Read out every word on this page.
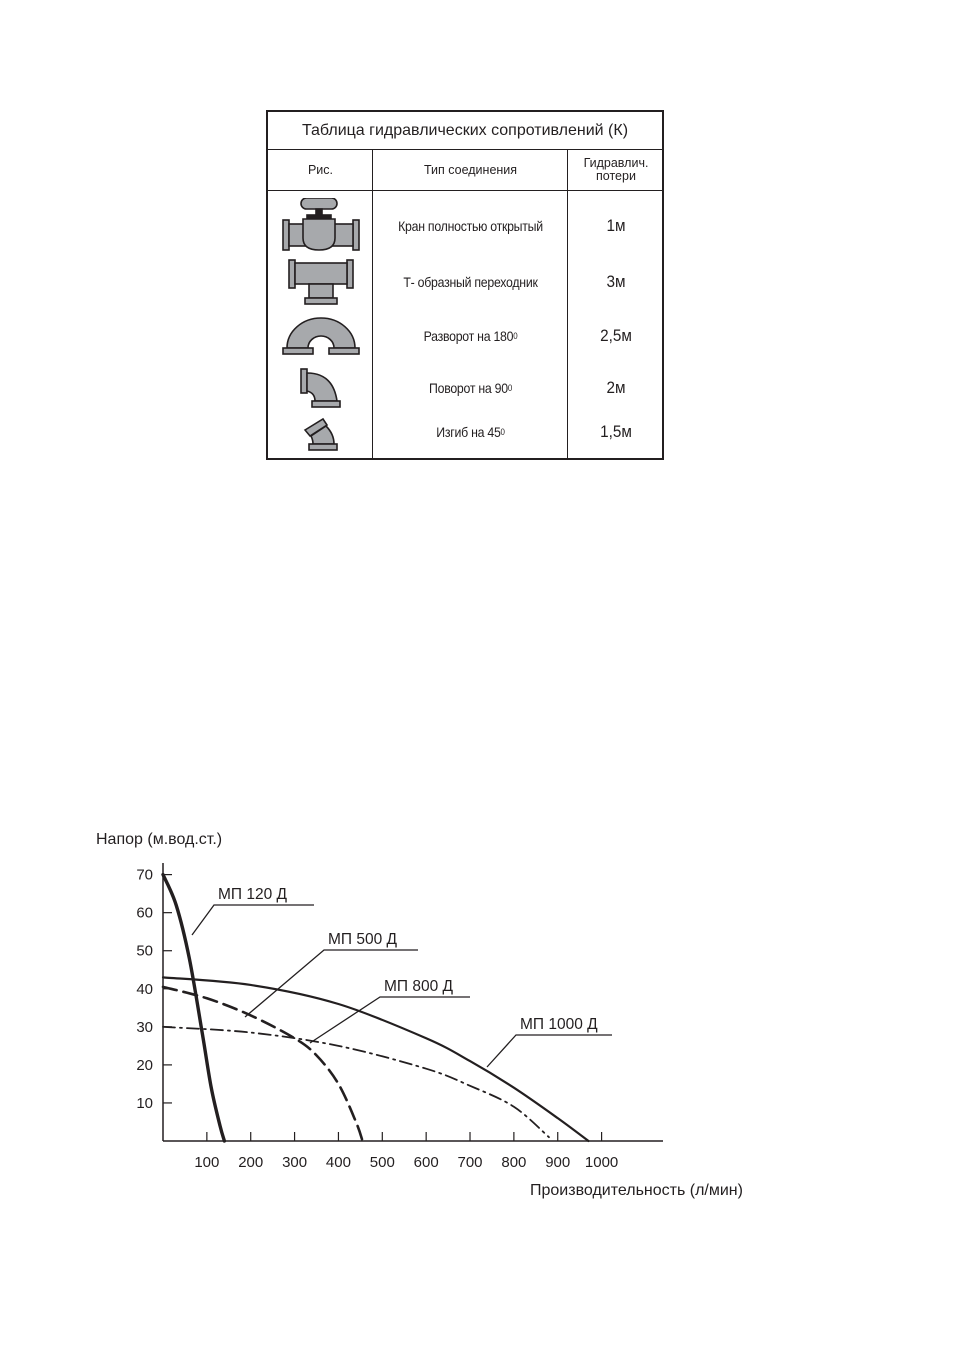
Таблица гидравлических сопротивлений (К)
Рис.	Тип соединения	Гидравлич.
потери
Кран полностью открытый	1м
Т- образный переходник	3м
Разворот на 180 0	2,5м
Поворот на 90 0	2м
Изгиб на 45 0	1,5м
Напор (м.вод.ст.)
Производительность (л/мин)
100 200 300 400 500 600 700 800 900 1000
10
20
30
40
50
60
70
МП 120 Д
МП 500 Д
МП 800 Д
МП 1000 Д
